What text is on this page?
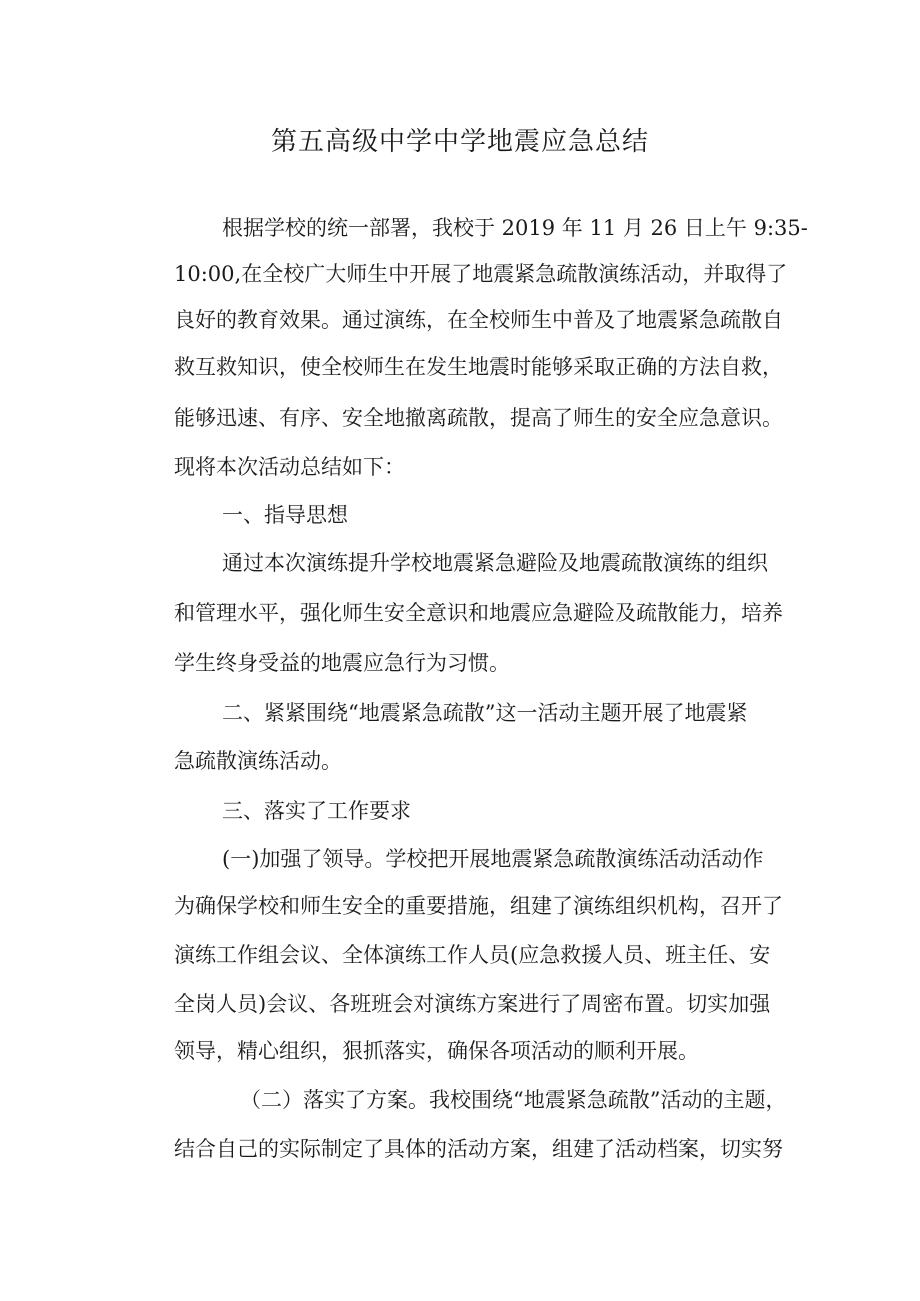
第五高级中学中学地震应急总结

根据学校的统一部署，我校于 2019 年 11 月 26 日上午 9:35-

10:00,在全校广大师生中开展了地震紧急疏散演练活动，并取得了

良好的教育效果。通过演练，在全校师生中普及了地震紧急疏散自

救互救知识，使全校师生在发生地震时能够采取正确的方法自救，

能够迅速、有序、安全地撤离疏散，提高了师生的安全应急意识。

现将本次活动总结如下：

一、指导思想

通过本次演练提升学校地震紧急避险及地震疏散演练的组织

和管理水平，强化师生安全意识和地震应急避险及疏散能力，培养

学生终身受益的地震应急行为习惯。

二、紧紧围绕“地震紧急疏散”这一活动主题开展了地震紧

急疏散演练活动。

三、落实了工作要求

(一)加强了领导。学校把开展地震紧急疏散演练活动活动作

为确保学校和师生安全的重要措施，组建了演练组织机构，召开了

演练工作组会议、全体演练工作人员(应急救援人员、班主任、安

全岗人员)会议、各班班会对演练方案进行了周密布置。切实加强

领导，精心组织，狠抓落实，确保各项活动的顺利开展。

（二）落实了方案。我校围绕“地震紧急疏散”活动的主题，

结合自己的实际制定了具体的活动方案，组建了活动档案，切实努
